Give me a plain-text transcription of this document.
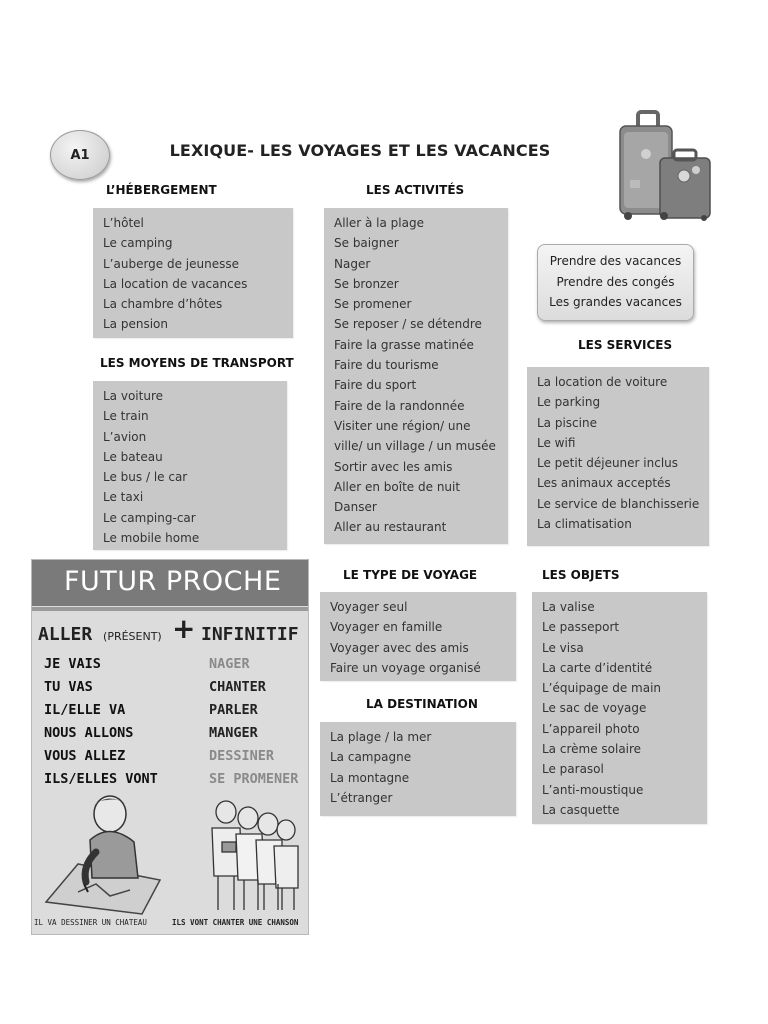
A1	LEXIQUE- LES VOYAGES ET LES VACANCES
L’HÉBERGEMENT
L’hôtel
Le camping
L’auberge de jeunesse
La location de vacances
La chambre d’hôtes
La pension
LES ACTIVITÉS
Aller à la plage
Se baigner
Nager
Se bronzer
Se promener
Se reposer / se détendre
Faire la grasse matinée
Faire du tourisme
Faire du sport
Faire de la randonnée
Visiter une région/ une
ville/ un village / un musée
Sortir avec les amis
Aller en boîte de nuit
Danser
Aller au restaurant
Prendre des vacances
Prendre des congés
Les grandes vacances
LES MOYENS DE TRANSPORT
La voiture
Le train
L’avion
Le bateau
Le bus / le car
Le taxi
Le camping-car
Le mobile home
LES SERVICES
La location de voiture
Le parking
La piscine
Le wifi
Le petit déjeuner inclus
Les animaux acceptés
Le service de blanchisserie
La climatisation
FUTUR PROCHE
ALLER (PRÉSENT) + INFINITIF
JE VAIS
TU VAS
IL/ELLE VA
NOUS ALLONS
VOUS ALLEZ
ILS/ELLES VONT
NAGER
CHANTER
PARLER
MANGER
DESSINER
SE PROMENER
IL VA DESSINER UN CHATEAU	ILS VONT CHANTER UNE CHANSON
LE TYPE DE VOYAGE
Voyager seul
Voyager en famille
Voyager avec des amis
Faire un voyage organisé
LA DESTINATION
La plage / la mer
La campagne
La montagne
L’étranger
LES OBJETS
La valise
Le passeport
Le visa
La carte d’identité
L’équipage de main
Le sac de voyage
L’appareil photo
La crème solaire
Le parasol
L’anti-moustique
La casquette
